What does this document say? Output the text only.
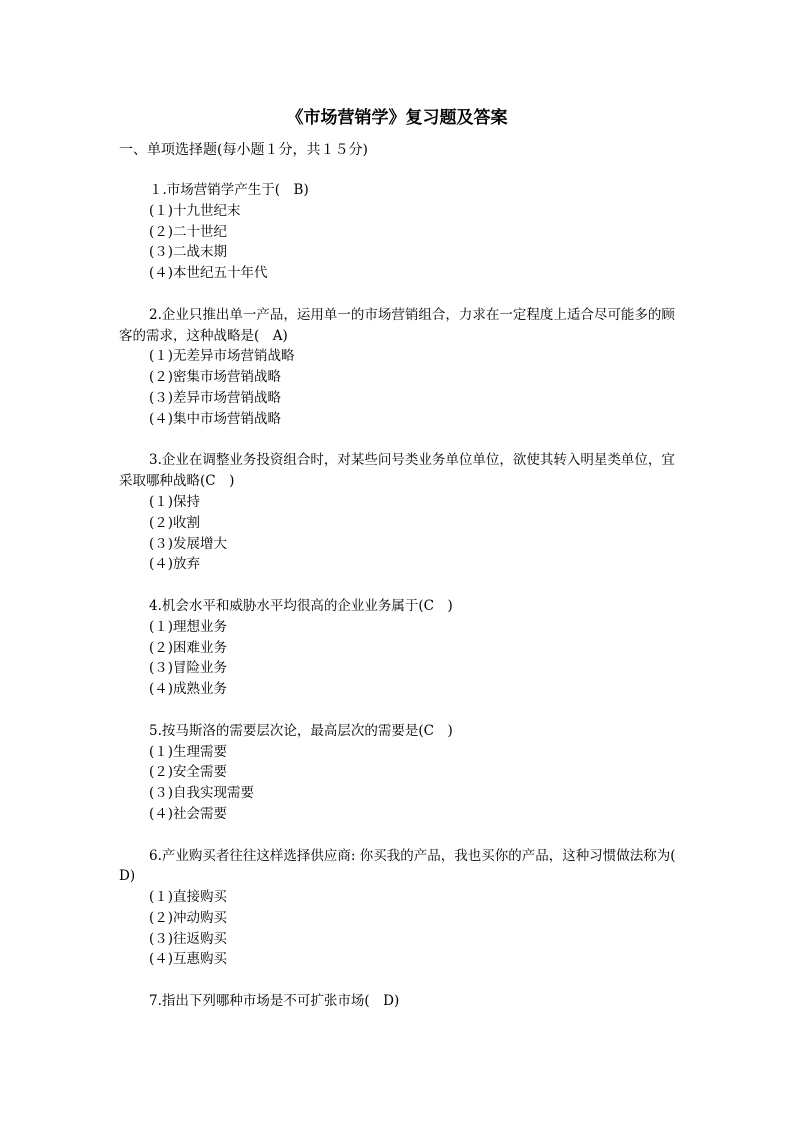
《市场营销学》复习题及答案
一、单项选择题(每小题１分，共１５分)

１.市场营销学产生于(　B)

(１)十九世纪末

(２)二十世纪

(３)二战末期

(４)本世纪五十年代

2.企业只推出单一产品，运用单一的市场营销组合，力求在一定程度上适合尽可能多的顾客的需求，这种战略是(　A)

(１)无差异市场营销战略

(２)密集市场营销战略

(３)差异市场营销战略

(４)集中市场营销战略

3.企业在调整业务投资组合时，对某些问号类业务单位单位，欲使其转入明星类单位，宜采取哪种战略(C　)

(１)保持

(２)收割

(３)发展增大

(４)放弃

4.机会水平和威胁水平均很高的企业业务属于(C　)

(１)理想业务

(２)困难业务

(３)冒险业务

(４)成熟业务

5.按马斯洛的需要层次论，最高层次的需要是(C　)

(１)生理需要

(２)安全需要

(３)自我实现需要

(４)社会需要

6.产业购买者往往这样选择供应商: 你买我的产品，我也买你的产品，这种习惯做法称为(　D)

(１)直接购买

(２)冲动购买

(３)往返购买

(４)互惠购买

7.指出下列哪种市场是不可扩张市场(　D)
